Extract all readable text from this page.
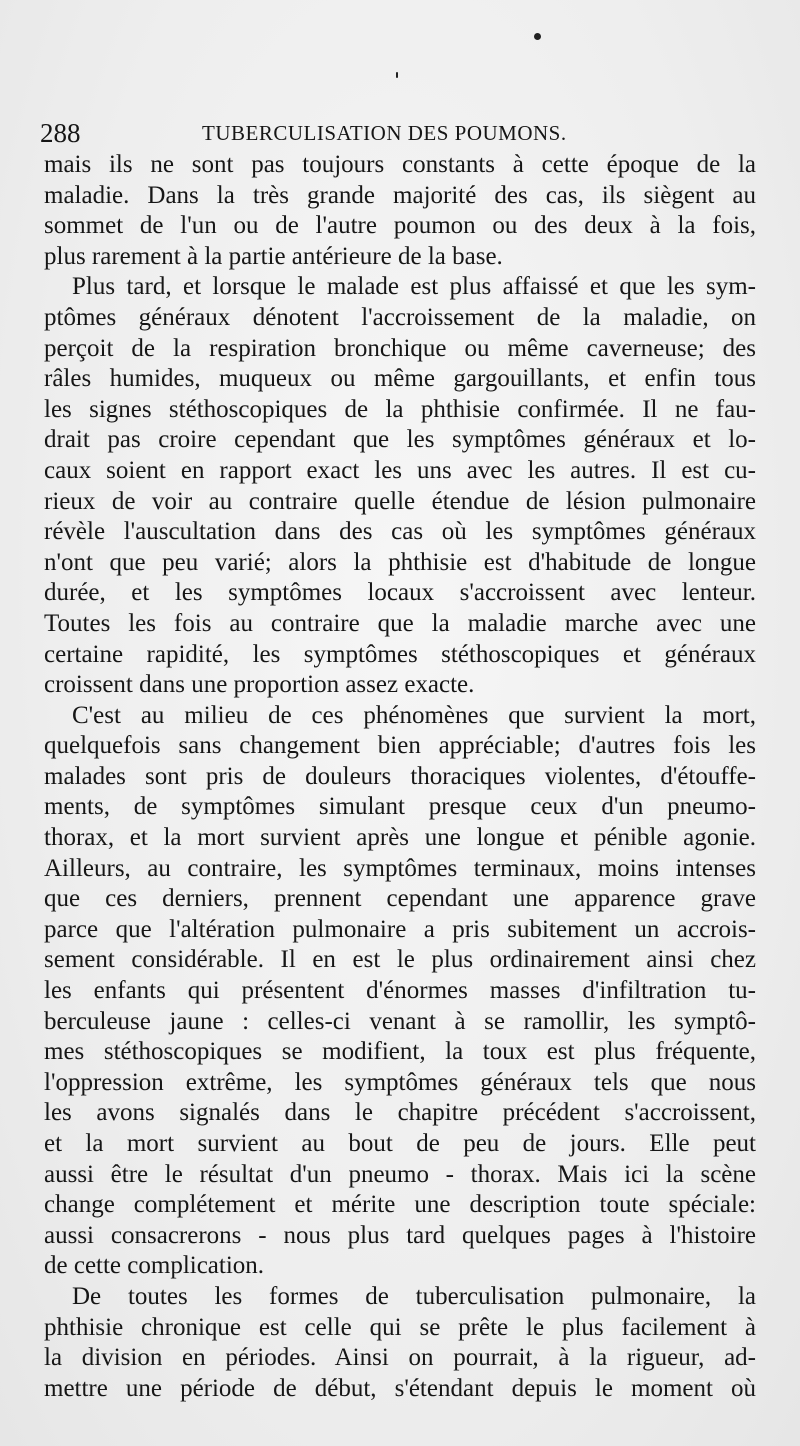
288	TUBERCULISATION DES POUMONS.
mais ils ne sont pas toujours constants à cette époque de la
maladie. Dans la très grande majorité des cas, ils siègent au
sommet de l'un ou de l'autre poumon ou des deux à la fois,
plus rarement à la partie antérieure de la base.
Plus tard, et lorsque le malade est plus affaissé et que les sym-
ptômes généraux dénotent l'accroissement de la maladie, on
perçoit de la respiration bronchique ou même caverneuse; des
râles humides, muqueux ou même gargouillants, et enfin tous
les signes stéthoscopiques de la phthisie confirmée. Il ne fau-
drait pas croire cependant que les symptômes généraux et lo-
caux soient en rapport exact les uns avec les autres. Il est cu-
rieux de voir au contraire quelle étendue de lésion pulmonaire
révèle l'auscultation dans des cas où les symptômes généraux
n'ont que peu varié; alors la phthisie est d'habitude de longue
durée, et les symptômes locaux s'accroissent avec lenteur.
Toutes les fois au contraire que la maladie marche avec une
certaine rapidité, les symptômes stéthoscopiques et généraux
croissent dans une proportion assez exacte.
C'est au milieu de ces phénomènes que survient la mort,
quelquefois sans changement bien appréciable; d'autres fois les
malades sont pris de douleurs thoraciques violentes, d'étouffe-
ments, de symptômes simulant presque ceux d'un pneumo-
thorax, et la mort survient après une longue et pénible agonie.
Ailleurs, au contraire, les symptômes terminaux, moins intenses
que ces derniers, prennent cependant une apparence grave
parce que l'altération pulmonaire a pris subitement un accrois-
sement considérable. Il en est le plus ordinairement ainsi chez
les enfants qui présentent d'énormes masses d'infiltration tu-
berculeuse jaune : celles-ci venant à se ramollir, les symptô-
mes stéthoscopiques se modifient, la toux est plus fréquente,
l'oppression extrême, les symptômes généraux tels que nous
les avons signalés dans le chapitre précédent s'accroissent,
et la mort survient au bout de peu de jours. Elle peut
aussi être le résultat d'un pneumo - thorax. Mais ici la scène
change complétement et mérite une description toute spéciale:
aussi consacrerons - nous plus tard quelques pages à l'histoire
de cette complication.
De toutes les formes de tuberculisation pulmonaire, la
phthisie chronique est celle qui se prête le plus facilement à
la division en périodes. Ainsi on pourrait, à la rigueur, ad-
mettre une période de début, s'étendant depuis le moment où
